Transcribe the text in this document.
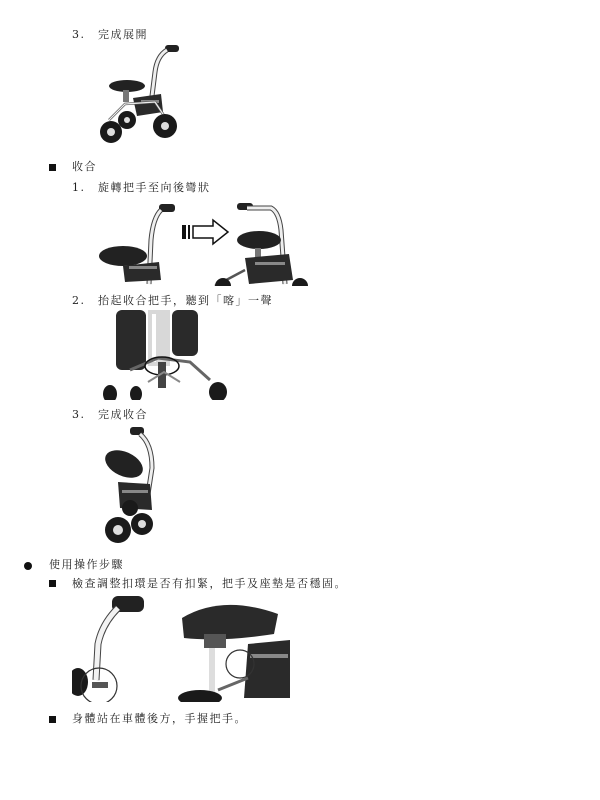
3. 完成展開
收合
1. 旋轉把手至向後彎狀
2. 抬起收合把手，聽到「喀」一聲
3. 完成收合
使用操作步驟
檢查調整扣環是否有扣緊，把手及座墊是否穩固。
身體站在車體後方，手握把手。
